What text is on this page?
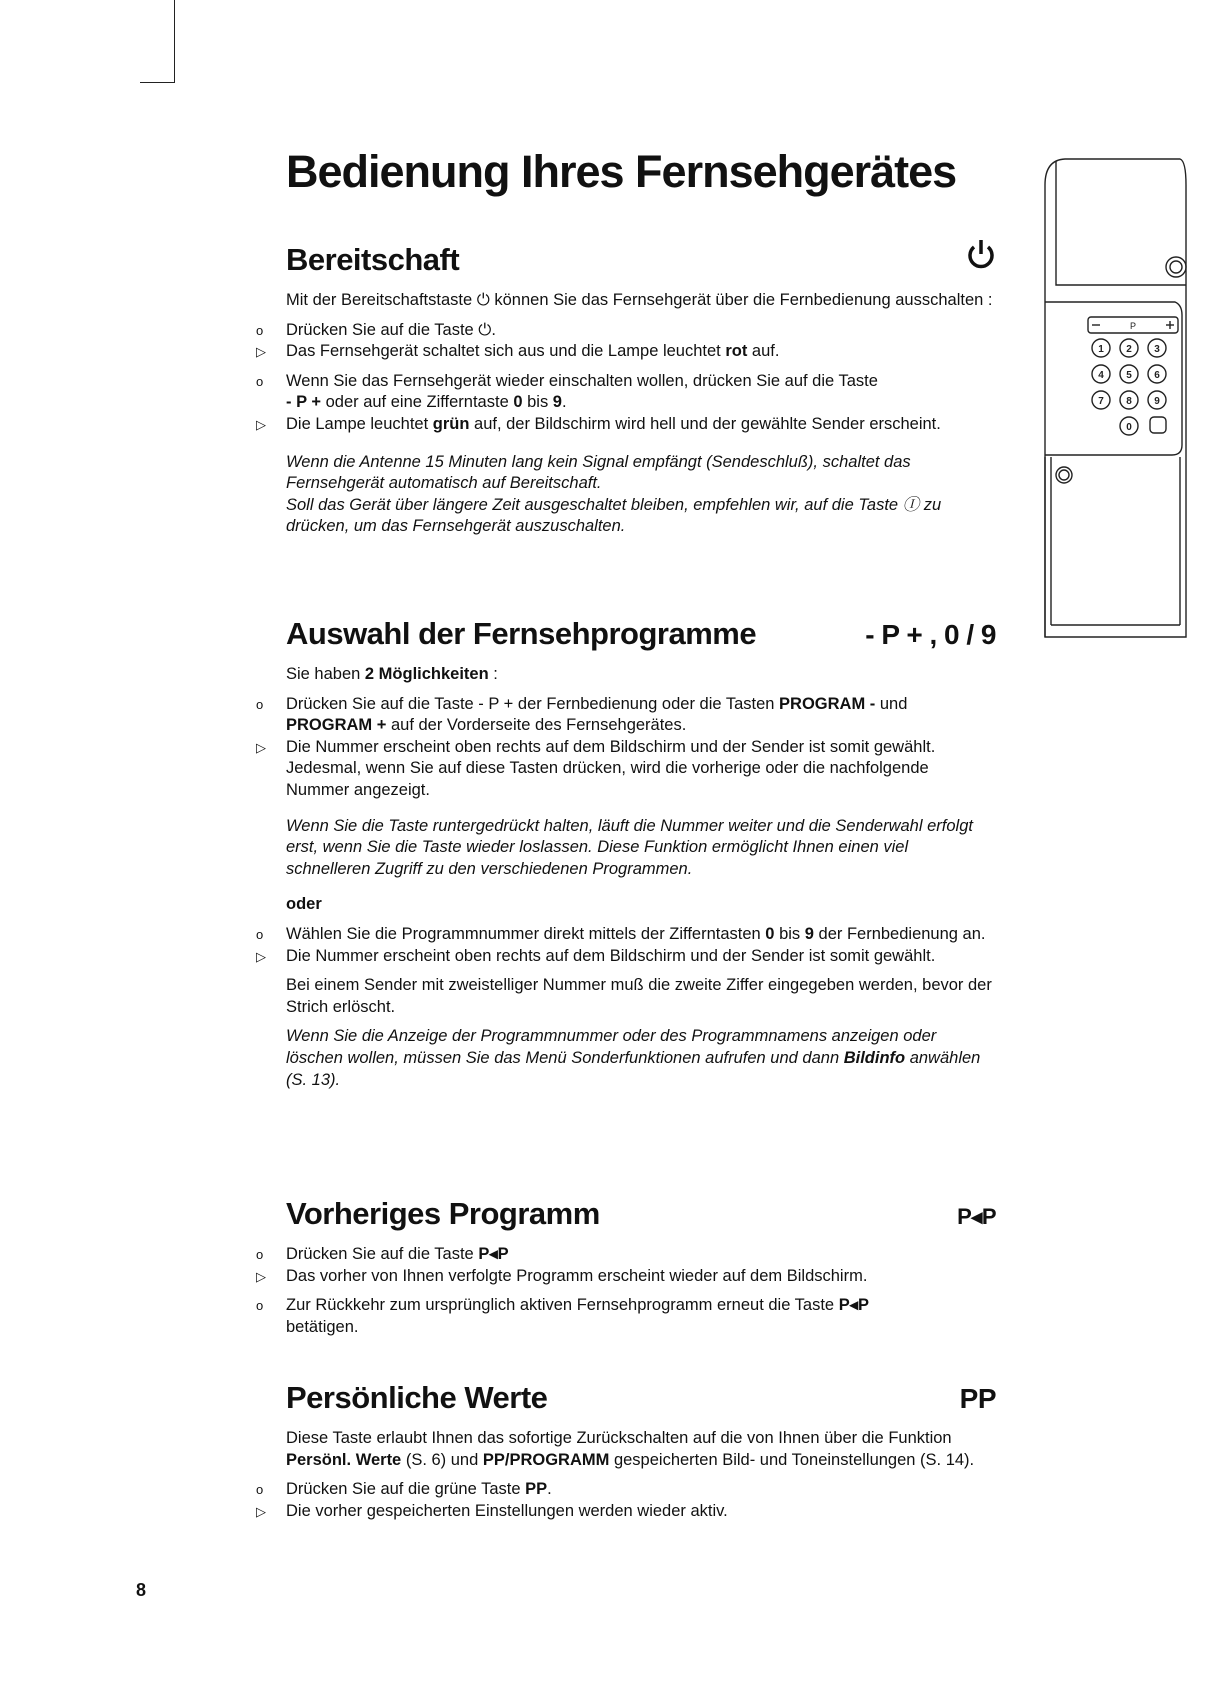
Bedienung Ihres Fernsehgerätes
Bereitschaft

Mit der Bereitschaftstaste ⏻ können Sie das Fernsehgerät über die Fernbedienung ausschalten :

o	Drücken Sie auf die Taste ⏻.
▷	Das Fernsehgerät schaltet sich aus und die Lampe leuchtet rot auf.
o	Wenn Sie das Fernsehgerät wieder einschalten wollen, drücken Sie auf die Taste
- P + oder auf eine Zifferntaste 0 bis 9.
▷	Die Lampe leuchtet grün auf, der Bildschirm wird hell und der gewählte Sender erscheint.

Wenn die Antenne 15 Minuten lang kein Signal empfängt (Sendeschluß), schaltet das Fernsehgerät automatisch auf Bereitschaft.

Soll das Gerät über längere Zeit ausgeschaltet bleiben, empfehlen wir, auf die Taste Ⓘ zu drücken, um das Fernsehgerät auszuschalten.

Auswahl der Fernsehprogramme	- P + , 0 / 9

Sie haben 2 Möglichkeiten :

o	Drücken Sie auf die Taste - P + der Fernbedienung oder die Tasten PROGRAM - und PROGRAM + auf der Vorderseite des Fernsehgerätes.
▷	Die Nummer erscheint oben rechts auf dem Bildschirm und der Sender ist somit gewählt. Jedesmal, wenn Sie auf diese Tasten drücken, wird die vorherige oder die nachfolgende Nummer angezeigt.

Wenn Sie die Taste runtergedrückt halten, läuft die Nummer weiter und die Senderwahl erfolgt erst, wenn Sie die Taste wieder loslassen. Diese Funktion ermöglicht Ihnen einen viel schnelleren Zugriff zu den verschiedenen Programmen.

oder

o	Wählen Sie die Programmnummer direkt mittels der Zifferntasten 0 bis 9 der Fernbedienung an.
▷	Die Nummer erscheint oben rechts auf dem Bildschirm und der Sender ist somit gewählt.

Bei einem Sender mit zweistelliger Nummer muß die zweite Ziffer eingegeben werden, bevor der Strich erlöscht.

Wenn Sie die Anzeige der Programmnummer oder des Programmnamens anzeigen oder löschen wollen, müssen Sie das Menü Sonderfunktionen aufrufen und dann Bildinfo anwählen (S. 13).

Vorheriges Programm	P◂P
o	Drücken Sie auf die Taste P◂P
▷	Das vorher von Ihnen verfolgte Programm erscheint wieder auf dem Bildschirm.
o	Zur Rückkehr zum ursprünglich aktiven Fernsehprogramm erneut die Taste P◂P
betätigen.
Persönliche Werte	PP

Diese Taste erlaubt Ihnen das sofortige Zurückschalten auf die von Ihnen über die Funktion Persönl. Werte (S. 6) und PP/PROGRAMM gespeicherten Bild- und Toneinstellungen (S. 14).

o	Drücken Sie auf die grüne Taste PP.
▷	Die vorher gespeicherten Einstellungen werden wieder aktiv.
8
P
1 2 3
4 5 6
7 8 9
0
